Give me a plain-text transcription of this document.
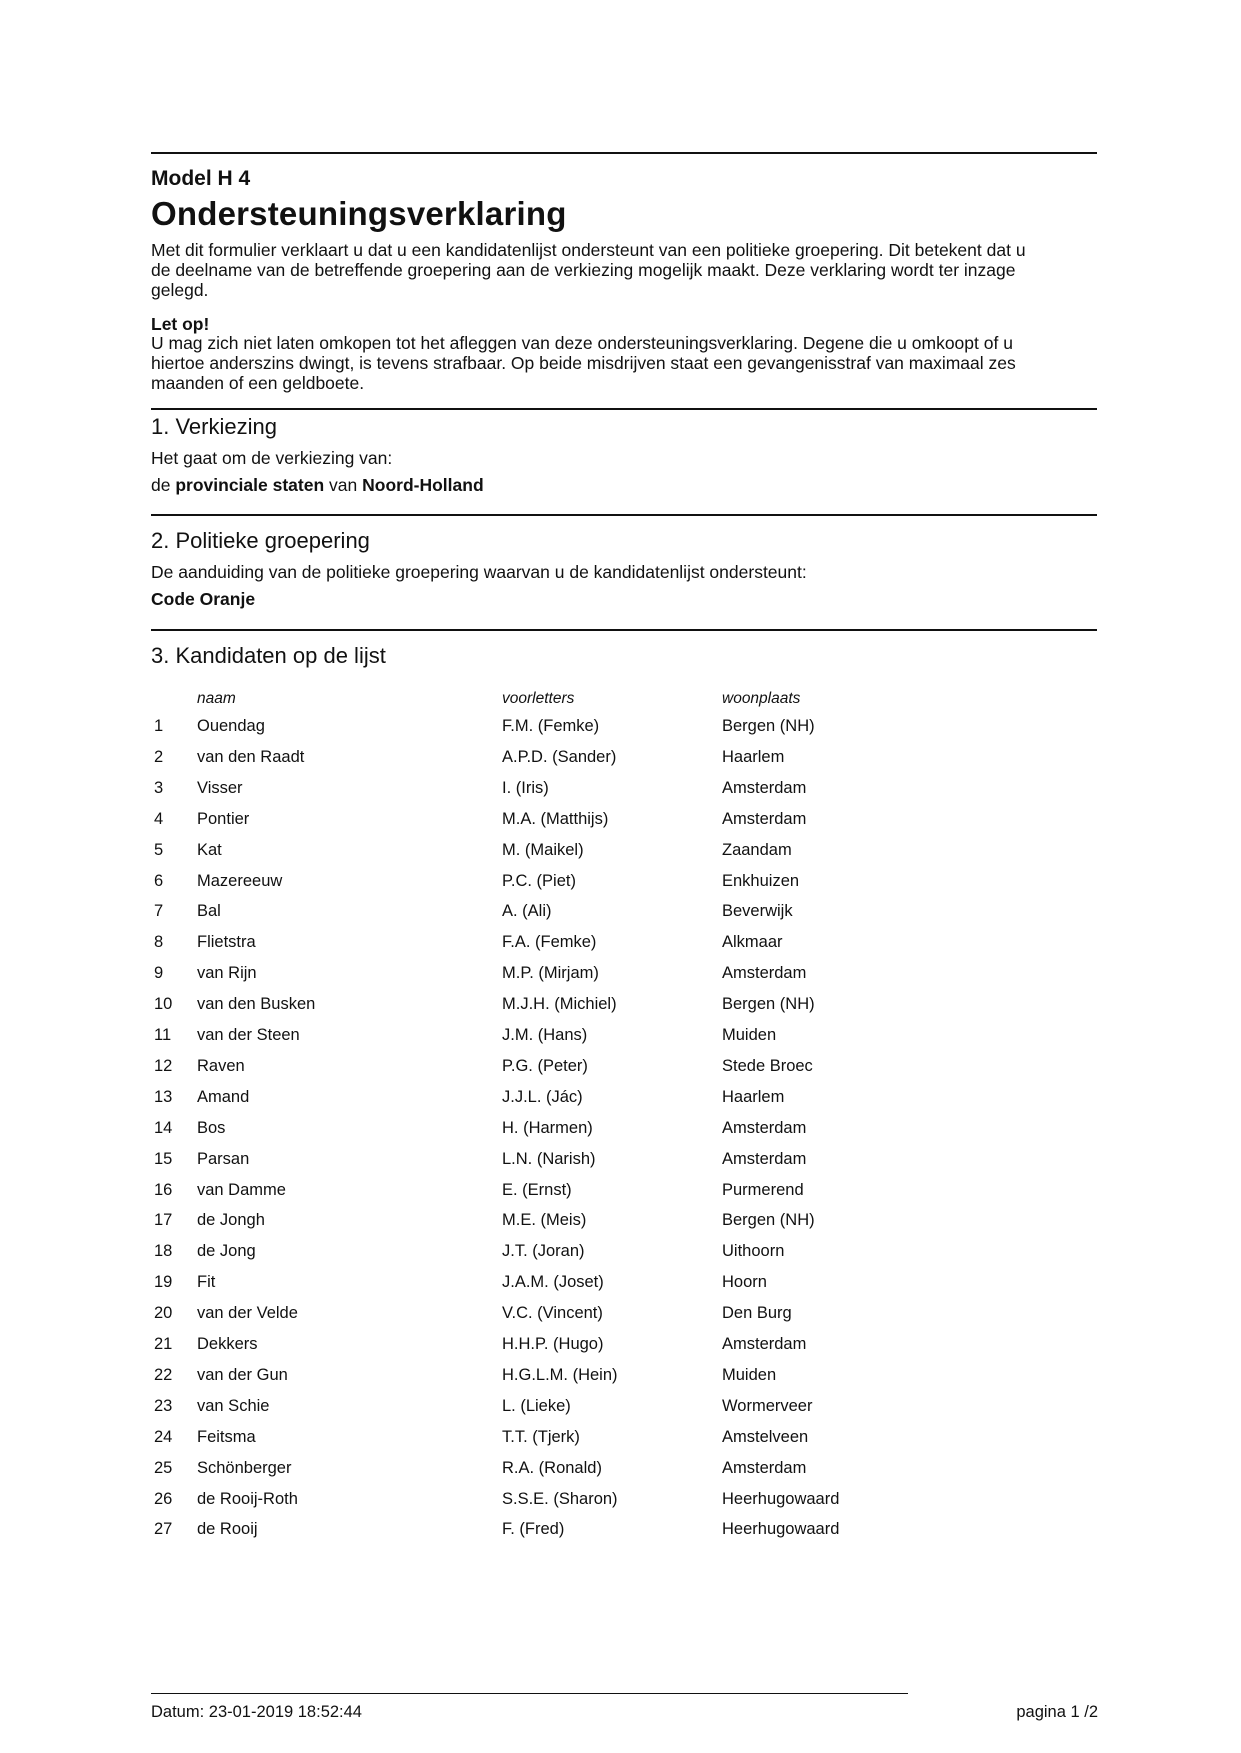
Model H 4
Ondersteuningsverklaring
Met dit formulier verklaart u dat u een kandidatenlijst ondersteunt van een politieke groepering. Dit betekent dat u
de deelname van de betreffende groepering aan de verkiezing mogelijk maakt. Deze verklaring wordt ter inzage
gelegd.
Let op!
U mag zich niet laten omkopen tot het afleggen van deze ondersteuningsverklaring. Degene die u omkoopt of u
hiertoe anderszins dwingt, is tevens strafbaar. Op beide misdrijven staat een gevangenisstraf van maximaal zes
maanden of een geldboete.
1. Verkiezing
Het gaat om de verkiezing van:
de provinciale staten van Noord-Holland
2. Politieke groepering
De aanduiding van de politieke groepering waarvan u de kandidatenlijst ondersteunt:
Code Oranje
3. Kandidaten op de lijst
naam	voorletters	woonplaats
1 Ouendag	F.M. (Femke)	Bergen (NH)
2 van den Raadt	A.P.D. (Sander)	Haarlem
3 Visser	I. (Iris)	Amsterdam
4 Pontier	M.A. (Matthijs)	Amsterdam
5 Kat	M. (Maikel)	Zaandam
6 Mazereeuw	P.C. (Piet)	Enkhuizen
7 Bal	A. (Ali)	Beverwijk
8 Flietstra	F.A. (Femke)	Alkmaar
9 van Rijn	M.P. (Mirjam)	Amsterdam
10 van den Busken	M.J.H. (Michiel)	Bergen (NH)
11 van der Steen	J.M. (Hans)	Muiden
12 Raven	P.G. (Peter)	Stede Broec
13 Amand	J.J.L. (Jác)	Haarlem
14 Bos	H. (Harmen)	Amsterdam
15 Parsan	L.N. (Narish)	Amsterdam
16 van Damme	E. (Ernst)	Purmerend
17 de Jongh	M.E. (Meis)	Bergen (NH)
18 de Jong	J.T. (Joran)	Uithoorn
19 Fit	J.A.M. (Joset)	Hoorn
20 van der Velde	V.C. (Vincent)	Den Burg
21 Dekkers	H.H.P. (Hugo)	Amsterdam
22 van der Gun	H.G.L.M. (Hein)	Muiden
23 van Schie	L. (Lieke)	Wormerveer
24 Feitsma	T.T. (Tjerk)	Amstelveen
25 Schönberger	R.A. (Ronald)	Amsterdam
26 de Rooij-Roth	S.S.E. (Sharon)	Heerhugowaard
27 de Rooij	F. (Fred)	Heerhugowaard
Datum: 23-01-2019 18:52:44	pagina 1 /2
